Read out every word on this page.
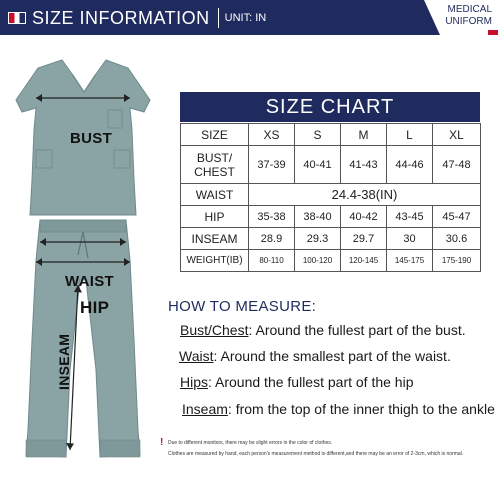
SIZE INFORMATION UNIT: IN
MEDICAL
UNIFORM
BUST
WAIST
HIP
INSEAM
SIZE CHART
SIZE	XS	S	M	L	XL
BUST/
CHEST	37-39	40-41	41-43	44-46	47-48
WAIST	24.4-38(IN)				
HIP	35-38	38-40	40-42	43-45	45-47
INSEAM	28.9	29.3	29.7	30	30.6
WEIGHT(IB)	80-110	100-120	120-145	145-175	175-190
HOW TO MEASURE:
Bust/Chest: Around the fullest part of the bust.
Waist: Around the smallest part of the waist.
Hips: Around the fullest part of the hip
Inseam: from the top of the inner thigh to the ankle
! Due to different monitors, there may be slight errors in the color of clothes.
Clothes are measured by hand, each person's measurement method is different,and there may be an error of 2-3cm, which is normal.
